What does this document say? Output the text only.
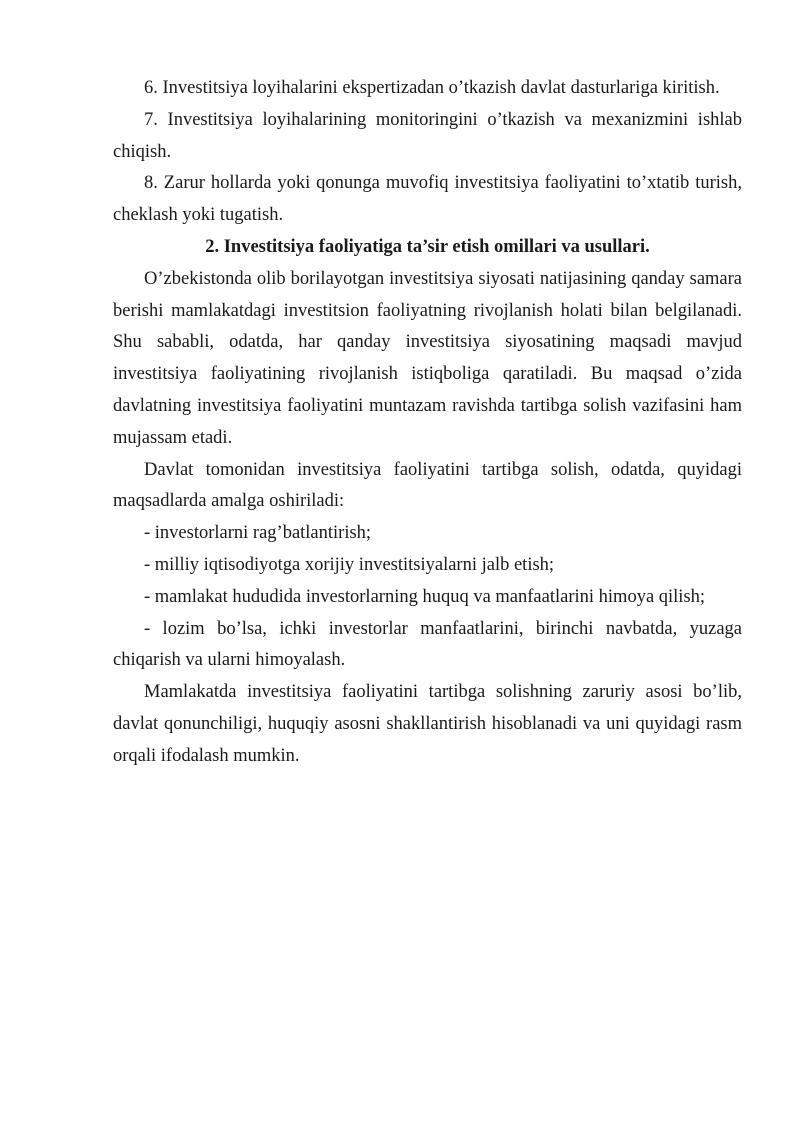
6. Investitsiya loyihalarini ekspertizadan o’tkazish davlat dasturlariga kiritish.

7. Investitsiya loyihalarining monitoringini o’tkazish va mexanizmini ishlab chiqish.

8. Zarur hollarda yoki qonunga muvofiq investitsiya faoliyatini to’xtatib turish, cheklash yoki tugatish.

2. Investitsiya faoliyatiga ta’sir etish omillari va usullari.

O’zbekistonda olib borilayotgan investitsiya siyosati natijasining qanday samara berishi mamlakatdagi investitsion faoliyatning rivojlanish holati bilan belgilanadi. Shu sababli, odatda, har qanday investitsiya siyosatining maqsadi mavjud investitsiya faoliyatining rivojlanish istiqboliga qaratiladi. Bu maqsad o’zida davlatning investitsiya faoliyatini muntazam ravishda tartibga solish vazifasini ham mujassam etadi.

Davlat tomonidan investitsiya faoliyatini tartibga solish, odatda, quyidagi maqsadlarda amalga oshiriladi:

- investorlarni rag’batlantirish;

- milliy iqtisodiyotga xorijiy investitsiyalarni jalb etish;

- mamlakat hududida investorlarning huquq va manfaatlarini himoya qilish;

- lozim bo’lsa, ichki investorlar manfaatlarini, birinchi navbatda, yuzaga chiqarish va ularni himoyalash.

Mamlakatda investitsiya faoliyatini tartibga solishning zaruriy asosi bo’lib, davlat qonunchiligi, huquqiy asosni shakllantirish hisoblanadi va uni quyidagi rasm orqali ifodalash mumkin.
